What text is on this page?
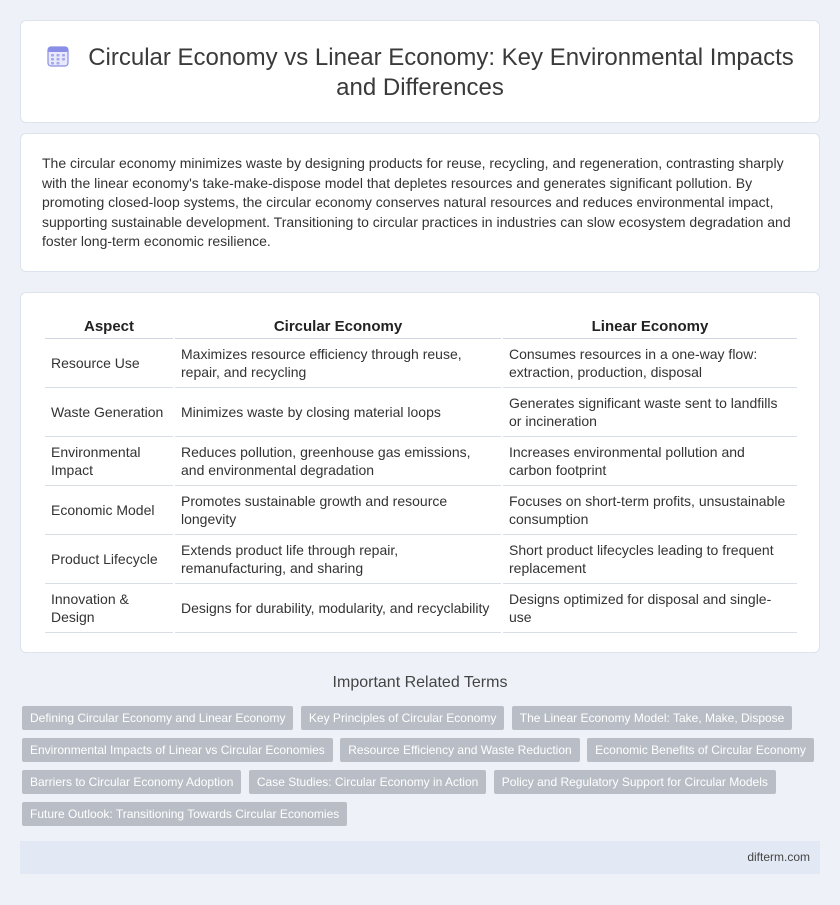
Circular Economy vs Linear Economy: Key Environmental Impacts and Differences

The circular economy minimizes waste by designing products for reuse, recycling, and regeneration, contrasting sharply with the linear economy's take-make-dispose model that depletes resources and generates significant pollution. By promoting closed-loop systems, the circular economy conserves natural resources and reduces environmental impact, supporting sustainable development. Transitioning to circular practices in industries can slow ecosystem degradation and foster long-term economic resilience.

Aspect	Circular Economy	Linear Economy
Resource Use	Maximizes resource efficiency through reuse, repair, and recycling	Consumes resources in a one-way flow: extraction, production, disposal
Waste Generation	Minimizes waste by closing material loops	Generates significant waste sent to landfills or incineration
Environmental Impact	Reduces pollution, greenhouse gas emissions, and environmental degradation	Increases environmental pollution and carbon footprint
Economic Model	Promotes sustainable growth and resource longevity	Focuses on short-term profits, unsustainable consumption
Product Lifecycle	Extends product life through repair, remanufacturing, and sharing	Short product lifecycles leading to frequent replacement
Innovation & Design	Designs for durability, modularity, and recyclability	Designs optimized for disposal and single-use
Important Related Terms
Defining Circular Economy and Linear Economy Key Principles of Circular Economy The Linear Economy Model: Take, Make, Dispose Environmental Impacts of Linear vs Circular Economies Resource Efficiency and Waste Reduction Economic Benefits of Circular Economy Barriers to Circular Economy Adoption Case Studies: Circular Economy in Action Policy and Regulatory Support for Circular Models Future Outlook: Transitioning Towards Circular Economies
difterm.com
